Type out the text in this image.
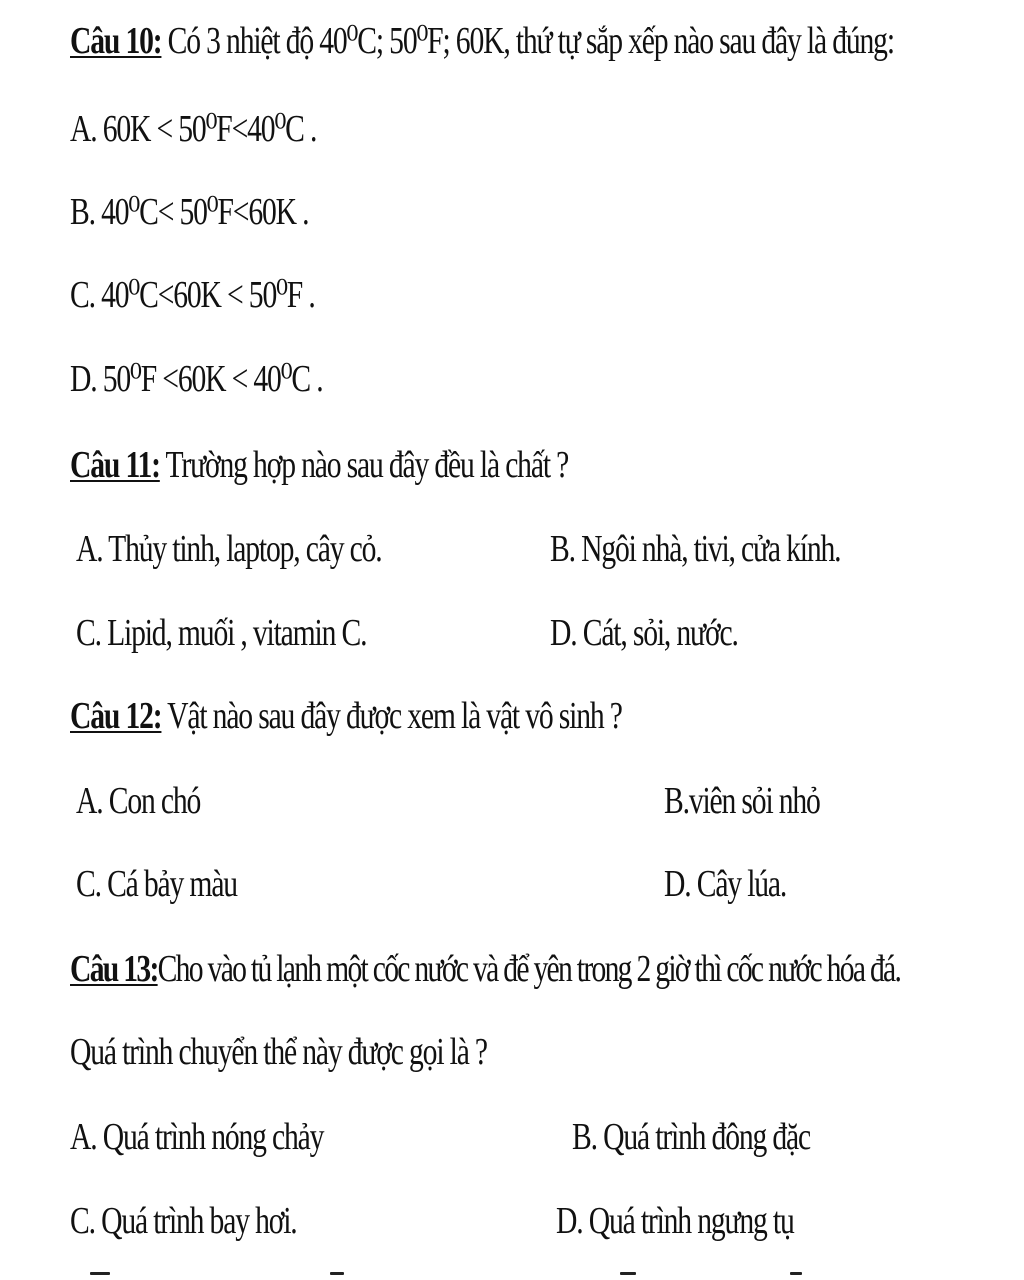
Câu 10: Có 3 nhiệt độ 40⁰C; 50⁰F; 60K, thứ tự sắp xếp nào sau đây là đúng:
A. 60K < 50⁰F<40⁰C .
B. 40⁰C< 50⁰F<60K .
C. 40⁰C<60K < 50⁰F .
D. 50⁰F <60K < 40⁰C .
Câu 11: Trường hợp nào sau đây đều là chất ?
A. Thủy tinh, laptop, cây cỏ.	B. Ngôi nhà, tivi, cửa kính.
C. Lipid, muối , vitamin C.	D. Cát, sỏi, nước.
Câu 12: Vật nào sau đây được xem là vật vô sinh ?
A. Con chó	B.viên sỏi nhỏ
C. Cá bảy màu	D. Cây lúa.
Câu 13:Cho vào tủ lạnh một cốc nước và để yên trong 2 giờ thì cốc nước hóa đá.
Quá trình chuyển thể này được gọi là ?
A. Quá trình nóng chảy	B. Quá trình đông đặc
C. Quá trình bay hơi.	D. Quá trình ngưng tụ
